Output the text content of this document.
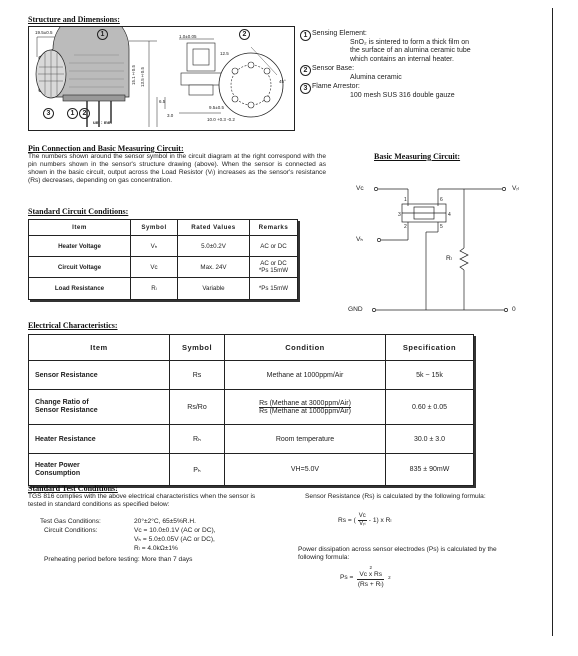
Structure and Dimensions:
19.5±0.5	1	2
1.0±0.05
15.1±0.5 13.5±0.5
6.5
3.0
12.5
45°
9.5±0.5
10.0 +0.3 -0.2
3	1	2
um : mm
1 Sensing Element:
SnO₂ is sintered to form a thick film on
the surface of an alumina ceramic tube
which contains an internal heater.
2 Sensor Base:
Alumina ceramic
3 Flame Arrestor:
100 mesh SUS 316 double gauze
Pin Connection and Basic Measuring Circuit:
The numbers shown around the sensor symbol in the circuit diagram at the right correspond with the pin numbers shown in the sensor's structure drawing (above). When the sensor is connected as shown in the basic circuit, output across the Load Resistor (Vₗ) increases as the sensor's resistance (Rs) decreases, depending on gas concentration.
Basic Measuring Circuit:
Vc	Vᵣₗ
Vₕ
Rₗ
GND	0
1
2
3	4
5
6
Standard Circuit Conditions:
Item	Symbol	Rated Values	Remarks
Heater Voltage	Vₕ	5.0±0.2V	AC or DC
Circuit Voltage	Vc	Max. 24V	AC or DC
*Ps 15mW
Load Resistance	Rₗ	Variable	*Ps 15mW
Electrical Characteristics:
Item	Symbol	Condition	Specification
Sensor Resistance	Rs	Methane at 1000ppm/Air	5k ~ 15k
Change Ratio of
Sensor Resistance	Rs/Ro	Rs (Methane at 3000ppm/Air)
Rs (Methane at 1000ppm/Air)	0.60 ± 0.05
Heater Resistance	Rₕ	Room temperature	30.0 ± 3.0
Heater Power
Consumption	Pₕ	VH=5.0V	835 ± 90mW
Standard Test Conditions:
TGS 816 complies with the above electrical characteristics when the sensor is tested in standard conditions as specified below:
Test Gas Conditions:	20°±2°C, 65±5%R.H.
Circuit Conditions:	Vc = 10.0±0.1V (AC or DC),
Vₕ = 5.0±0.05V (AC or DC),
Rₗ = 4.0kΩ±1%
Preheating period before testing: More than 7 days
Sensor Resistance (Rs) is calculated by the following formula:
Rs = (
Vc
Vᵣₗ
- 1) x Rₗ
Power dissipation across sensor electrodes (Ps) is calculated by the following formula:
Ps =
2
Vc x Rs
(Rs + Rₗ)
2
